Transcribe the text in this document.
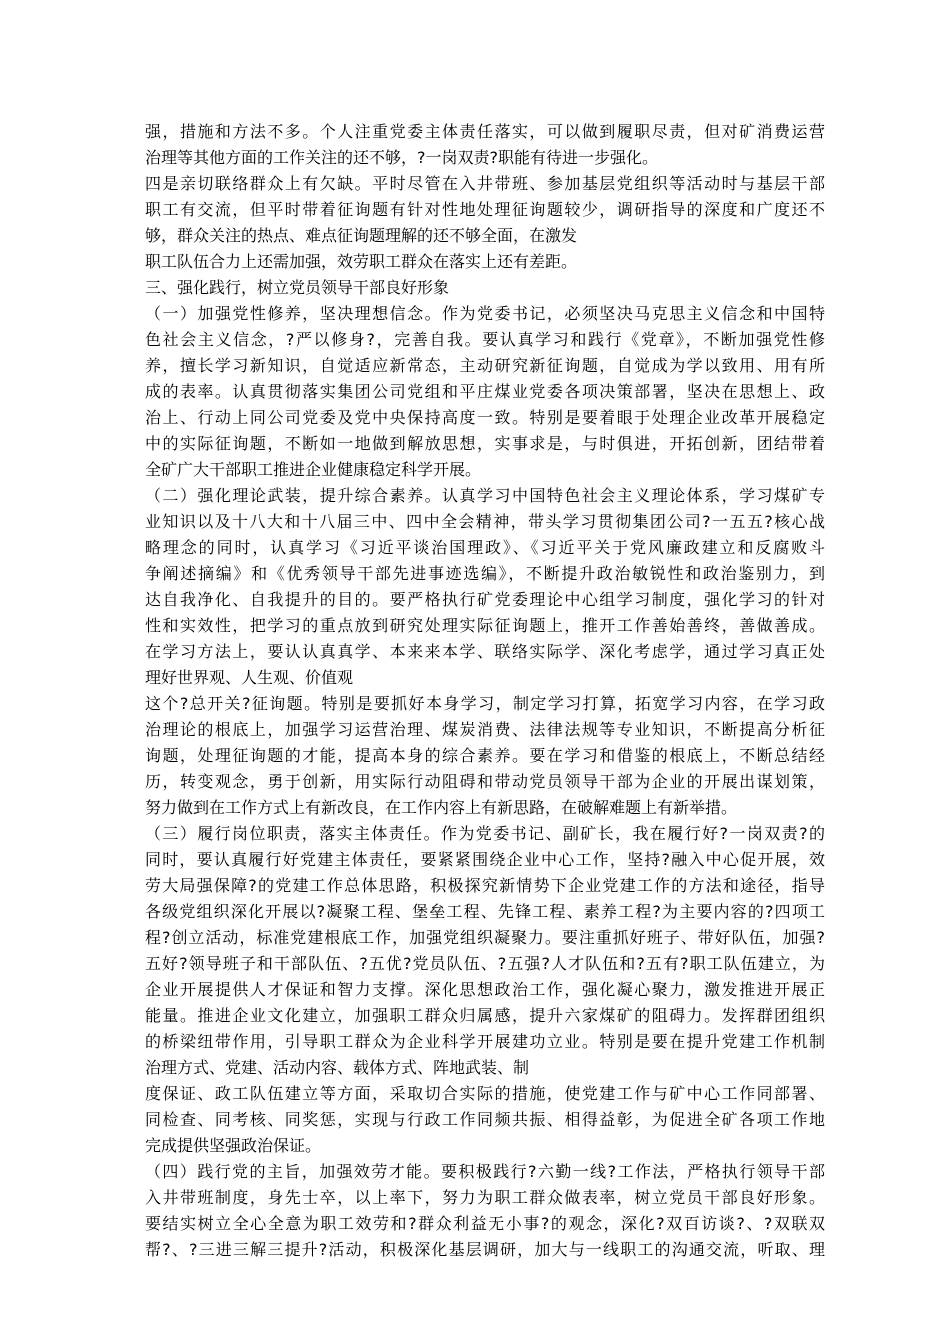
强，措施和方法不多。个人注重党委主体责任落实，可以做到履职尽责，但对矿消费运营
治理等其他方面的工作关注的还不够，?一岗双责?职能有待进一步强化。
四是亲切联络群众上有欠缺。平时尽管在入井带班、参加基层党组织等活动时与基层干部
职工有交流，但平时带着征询题有针对性地处理征询题较少，调研指导的深度和广度还不
够，群众关注的热点、难点征询题理解的还不够全面，在激发
职工队伍合力上还需加强，效劳职工群众在落实上还有差距。
三、强化践行，树立党员领导干部良好形象
（一）加强党性修养，坚决理想信念。作为党委书记，必须坚决马克思主义信念和中国特
色社会主义信念，?严以修身?，完善自我。要认真学习和践行《党章》，不断加强党性修
养，擅长学习新知识，自觉适应新常态，主动研究新征询题，自觉成为学以致用、用有所
成的表率。认真贯彻落实集团公司党组和平庄煤业党委各项决策部署，坚决在思想上、政
治上、行动上同公司党委及党中央保持高度一致。特别是要着眼于处理企业改革开展稳定
中的实际征询题，不断如一地做到解放思想，实事求是，与时俱进，开拓创新，团结带着
全矿广大干部职工推进企业健康稳定科学开展。
（二）强化理论武装，提升综合素养。认真学习中国特色社会主义理论体系，学习煤矿专
业知识以及十八大和十八届三中、四中全会精神，带头学习贯彻集团公司?一五五?核心战
略理念的同时，认真学习《习近平谈治国理政》、《习近平关于党风廉政建立和反腐败斗
争阐述摘编》和《优秀领导干部先进事迹选编》，不断提升政治敏锐性和政治鉴别力，到
达自我净化、自我提升的目的。要严格执行矿党委理论中心组学习制度，强化学习的针对
性和实效性，把学习的重点放到研究处理实际征询题上，推开工作善始善终，善做善成。
在学习方法上，要认认真真学、本来来本学、联络实际学、深化考虑学，通过学习真正处
理好世界观、人生观、价值观
这个?总开关?征询题。特别是要抓好本身学习，制定学习打算，拓宽学习内容，在学习政
治理论的根底上，加强学习运营治理、煤炭消费、法律法规等专业知识，不断提高分析征
询题，处理征询题的才能，提高本身的综合素养。要在学习和借鉴的根底上，不断总结经
历，转变观念，勇于创新，用实际行动阻碍和带动党员领导干部为企业的开展出谋划策，
努力做到在工作方式上有新改良，在工作内容上有新思路，在破解难题上有新举措。
（三）履行岗位职责，落实主体责任。作为党委书记、副矿长，我在履行好?一岗双责?的
同时，要认真履行好党建主体责任，要紧紧围绕企业中心工作，坚持?融入中心促开展，效
劳大局强保障?的党建工作总体思路，积极探究新情势下企业党建工作的方法和途径，指导
各级党组织深化开展以?凝聚工程、堡垒工程、先锋工程、素养工程?为主要内容的?四项工
程?创立活动，标准党建根底工作，加强党组织凝聚力。要注重抓好班子、带好队伍，加强?
五好?领导班子和干部队伍、?五优?党员队伍、?五强?人才队伍和?五有?职工队伍建立，为
企业开展提供人才保证和智力支撑。深化思想政治工作，强化凝心聚力，激发推进开展正
能量。推进企业文化建立，加强职工群众归属感，提升六家煤矿的阻碍力。发挥群团组织
的桥梁纽带作用，引导职工群众为企业科学开展建功立业。特别是要在提升党建工作机制
治理方式、党建、活动内容、载体方式、阵地武装、制
度保证、政工队伍建立等方面，采取切合实际的措施，使党建工作与矿中心工作同部署、
同检查、同考核、同奖惩，实现与行政工作同频共振、相得益彰，为促进全矿各项工作地
完成提供坚强政治保证。
（四）践行党的主旨，加强效劳才能。要积极践行?六勤一线?工作法，严格执行领导干部
入井带班制度，身先士卒，以上率下，努力为职工群众做表率，树立党员干部良好形象。
要结实树立全心全意为职工效劳和?群众利益无小事?的观念，深化?双百访谈?、?双联双
帮?、?三进三解三提升?活动，积极深化基层调研，加大与一线职工的沟通交流，听取、理
